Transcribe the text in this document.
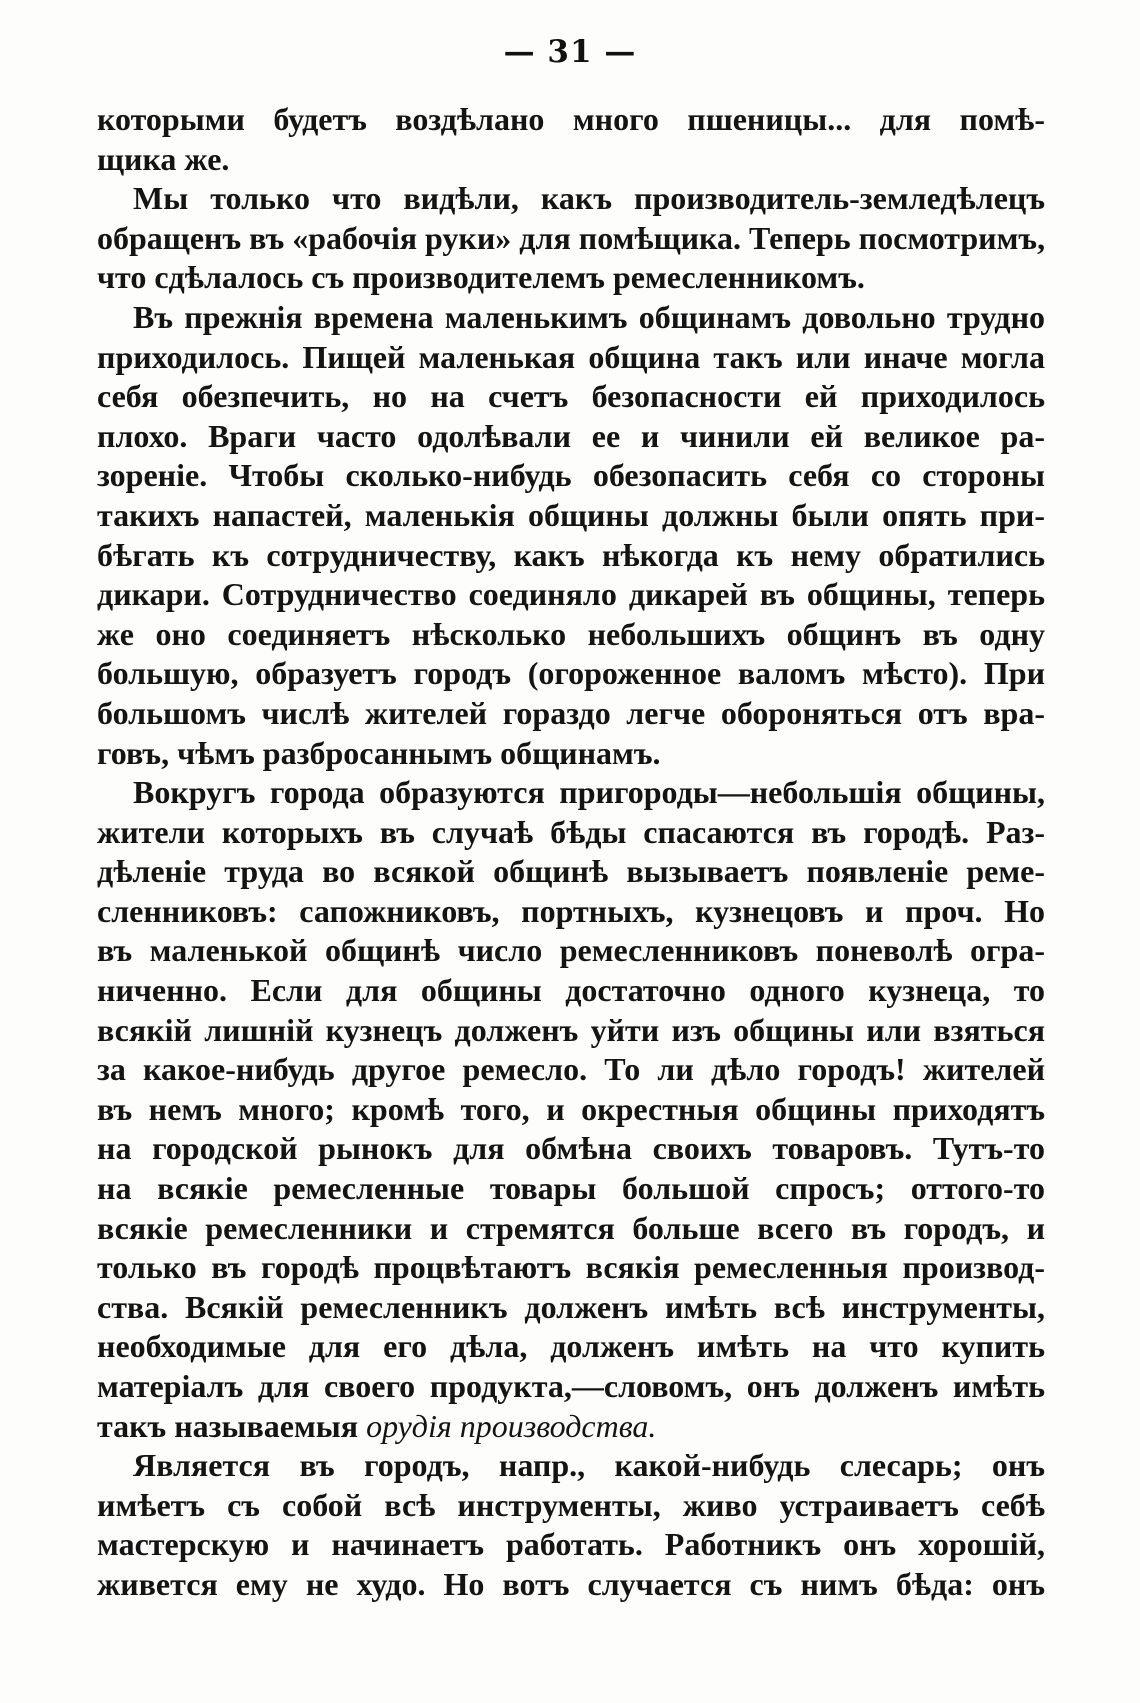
— 31 —
которыми будетъ воздѣлано много пшеницы... для помѣ-
щика же.
Мы только что видѣли, какъ производитель-земледѣлецъ
обращенъ въ «рабочія руки» для помѣщика. Теперь посмотримъ,
что сдѣлалось съ производителемъ ремесленникомъ.
Въ прежнія времена маленькимъ общинамъ довольно трудно
приходилось. Пищей маленькая община такъ или иначе могла
себя обезпечить, но на счетъ безопасности ей приходилось
плохо. Враги часто одолѣвали ее и чинили ей великое ра-
зореніе. Чтобы сколько-нибудь обезопасить себя со стороны
такихъ напастей, маленькія общины должны были опять при-
бѣгать къ сотрудничеству, какъ нѣкогда къ нему обратились
дикари. Сотрудничество соединяло дикарей въ общины, теперь
же оно соединяетъ нѣсколько небольшихъ общинъ въ одну
большую, образуетъ городъ (огороженное валомъ мѣсто). При
большомъ числѣ жителей гораздо легче обороняться отъ вра-
говъ, чѣмъ разбросаннымъ общинамъ.
Вокругъ города образуются пригороды—небольшія общины,
жители которыхъ въ случаѣ бѣды спасаются въ городѣ. Раз-
дѣленіе труда во всякой общинѣ вызываетъ появленіе реме-
сленниковъ: сапожниковъ, портныхъ, кузнецовъ и проч. Но
въ маленькой общинѣ число ремесленниковъ поневолѣ огра-
ниченно. Если для общины достаточно одного кузнеца, то
всякій лишній кузнецъ долженъ уйти изъ общины или взяться
за какое-нибудь другое ремесло. То ли дѣло городъ! жителей
въ немъ много; кромѣ того, и окрестныя общины приходятъ
на городской рынокъ для обмѣна своихъ товаровъ. Тутъ-то
на всякіе ремесленные товары большой спросъ; оттого-то
всякіе ремесленники и стремятся больше всего въ городъ, и
только въ городѣ процвѣтаютъ всякія ремесленныя производ-
ства. Всякій ремесленникъ долженъ имѣть всѣ инструменты,
необходимые для его дѣла, долженъ имѣть на что купить
матеріалъ для своего продукта,—словомъ, онъ долженъ имѣть
такъ называемыя орудія производства.
Является въ городъ, напр., какой-нибудь слесарь; онъ
имѣетъ съ собой всѣ инструменты, живо устраиваетъ себѣ
мастерскую и начинаетъ работать. Работникъ онъ хорошій,
живется ему не худо. Но вотъ случается съ нимъ бѣда: онъ
